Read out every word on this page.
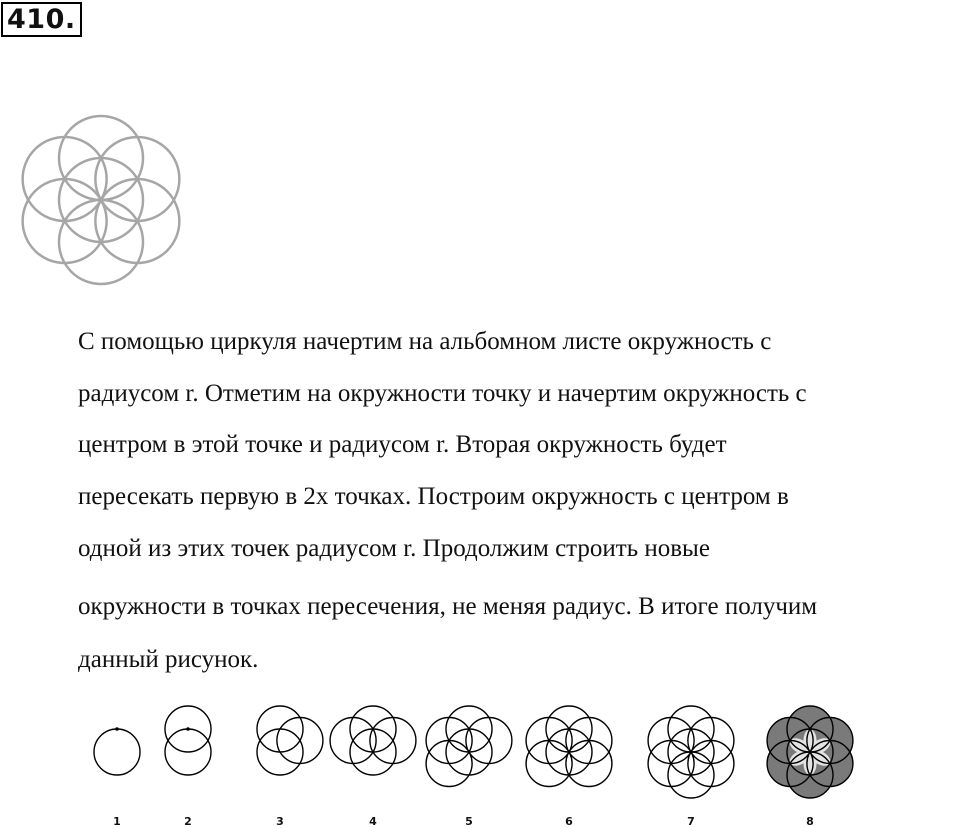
410.
С помощью циркуля начертим на альбомном листе окружность с
радиусом r. Отметим на окружности точку и начертим окружность с
центром в этой точке и радиусом r. Вторая окружность будет
пересекать первую в 2х точках. Построим окружность с центром в
одной из этих точек радиусом r. Продолжим строить новые
окружности в точках пересечения, не меняя радиус. В итоге получим
данный рисунок.
1	2	3	4	5	6	7	8
